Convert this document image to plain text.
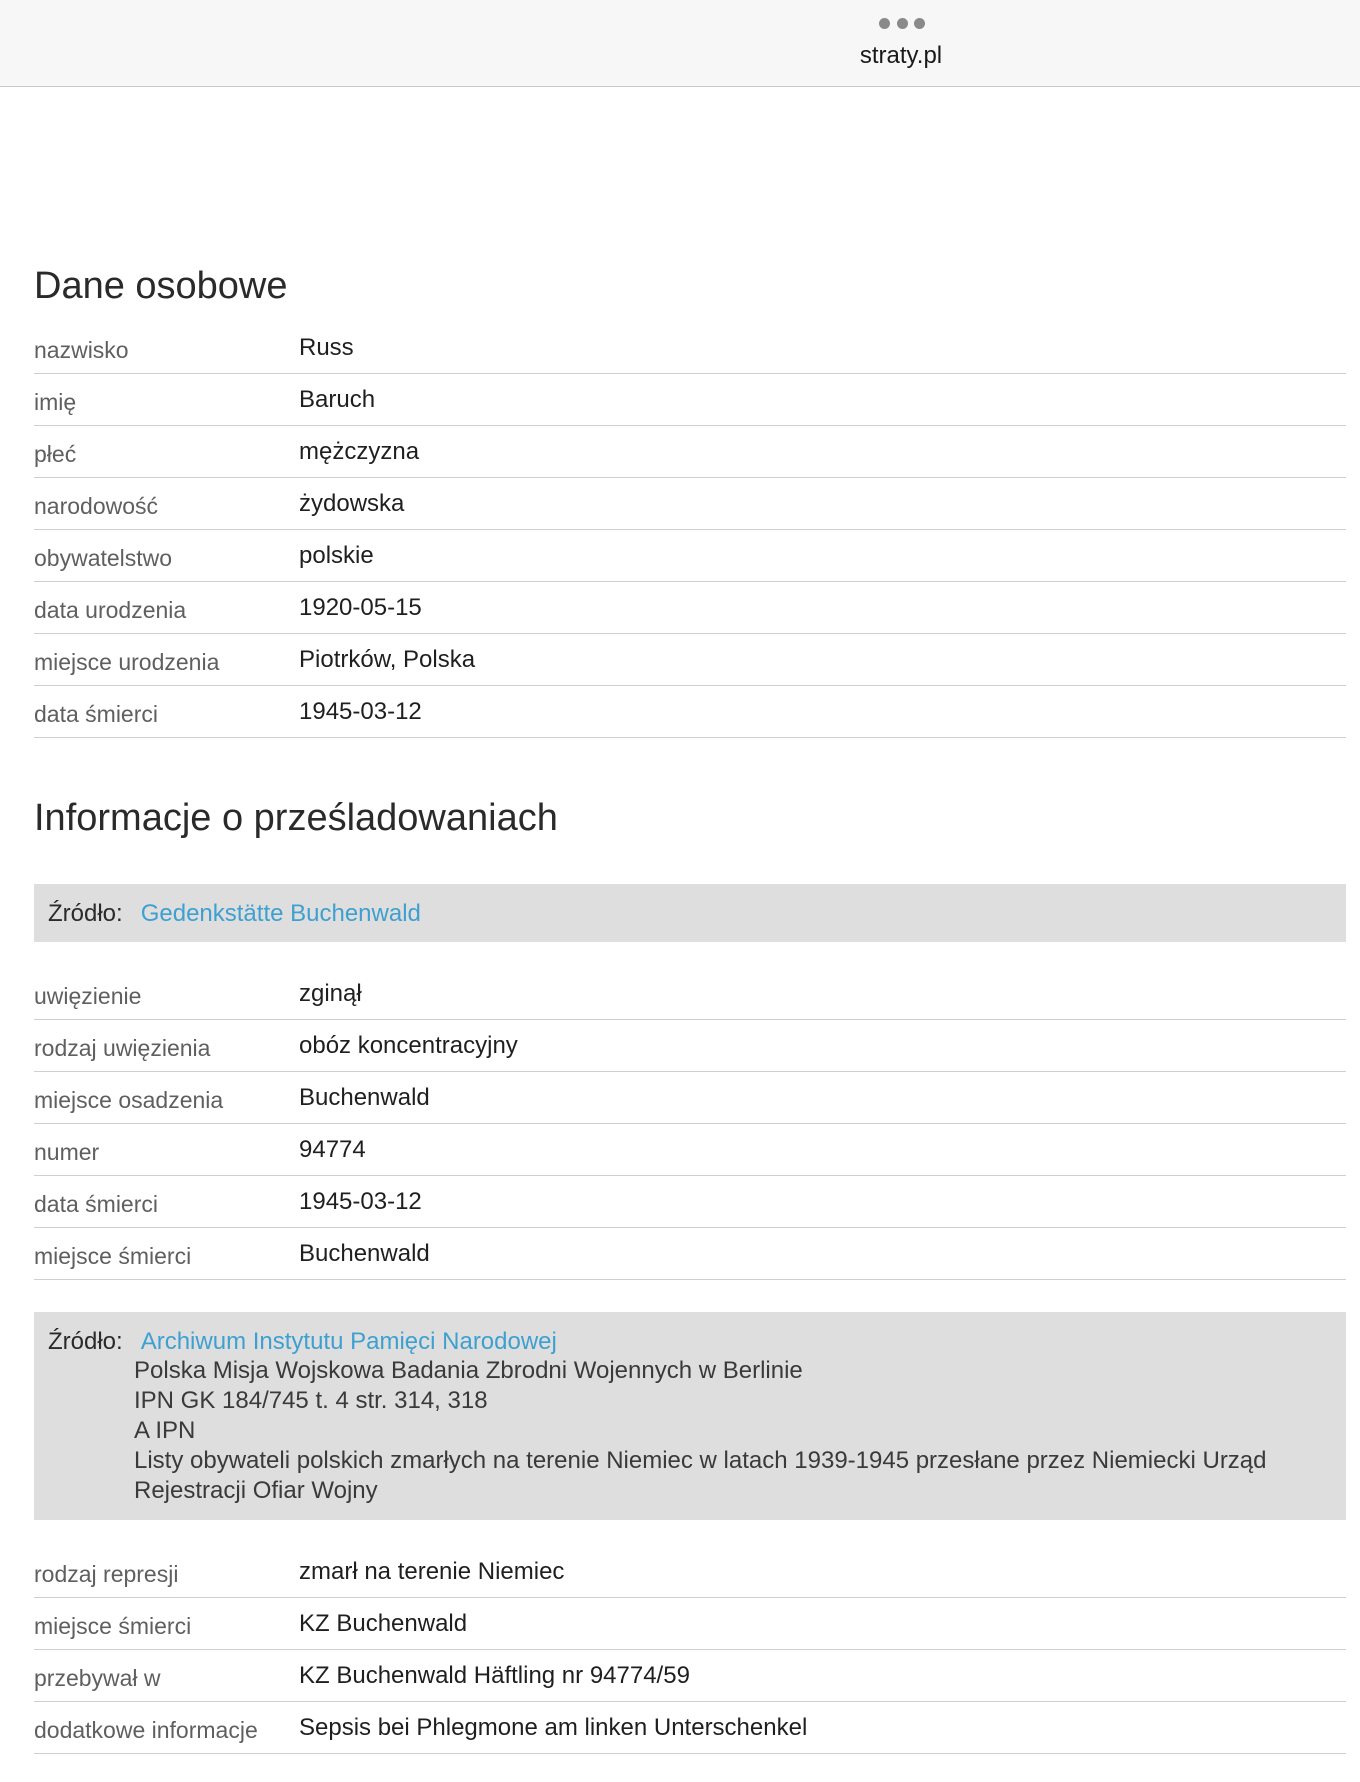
straty.pl
Dane osobowe
nazwisko	Russ
imię	Baruch
płeć	mężczyzna
narodowość	żydowska
obywatelstwo	polskie
data urodzenia	1920-05-15
miejsce urodzenia	Piotrków, Polska
data śmierci	1945-03-12
Informacje o prześladowaniach
Źródło: Gedenkstätte Buchenwald
uwięzienie	zginął
rodzaj uwięzienia	obóz koncentracyjny
miejsce osadzenia	Buchenwald
numer	94774
data śmierci	1945-03-12
miejsce śmierci	Buchenwald
Źródło: Archiwum Instytutu Pamięci Narodowej
Polska Misja Wojskowa Badania Zbrodni Wojennych w Berlinie
IPN GK 184/745 t. 4 str. 314, 318
A IPN
Listy obywateli polskich zmarłych na terenie Niemiec w latach 1939-1945 przesłane przez Niemiecki Urząd Rejestracji Ofiar Wojny
rodzaj represji	zmarł na terenie Niemiec
miejsce śmierci	KZ Buchenwald
przebywał w	KZ Buchenwald Häftling nr 94774/59
dodatkowe informacje	Sepsis bei Phlegmone am linken Unterschenkel
